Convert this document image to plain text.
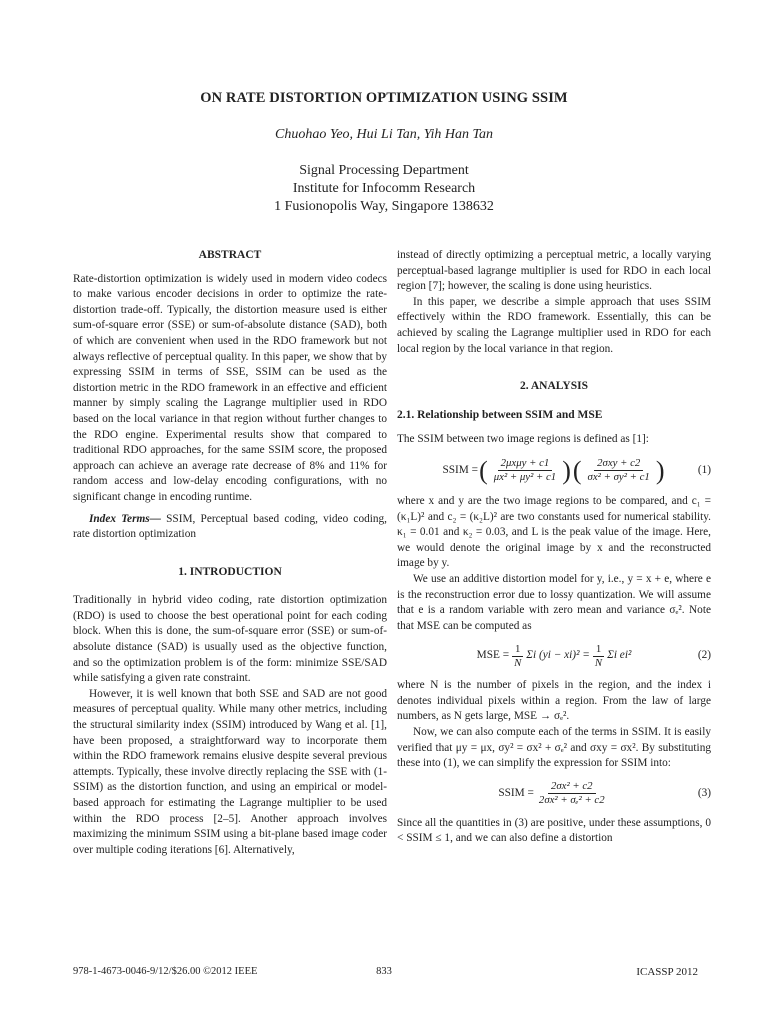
ON RATE DISTORTION OPTIMIZATION USING SSIM
Chuohao Yeo, Hui Li Tan, Yih Han Tan
Signal Processing Department
Institute for Infocomm Research
1 Fusionopolis Way, Singapore 138632
ABSTRACT

Rate-distortion optimization is widely used in modern video codecs to make various encoder decisions in order to optimize the rate-distortion trade-off. Typically, the distortion measure used is either sum-of-square error (SSE) or sum-of-absolute distance (SAD), both of which are convenient when used in the RDO framework but not always reflective of perceptual quality. In this paper, we show that by expressing SSIM in terms of SSE, SSIM can be used as the distortion metric in the RDO framework in an effective and efficient manner by simply scaling the Lagrange multiplier used in RDO based on the local variance in that region without further changes to the RDO engine. Experimental results show that compared to traditional RDO approaches, for the same SSIM score, the proposed approach can achieve an average rate decrease of 8% and 11% for random access and low-delay encoding configurations, with no significant change in encoding runtime.

Index Terms— SSIM, Perceptual based coding, video coding, rate distortion optimization

1. INTRODUCTION

Traditionally in hybrid video coding, rate distortion optimization (RDO) is used to choose the best operational point for each coding block. When this is done, the sum-of-square error (SSE) or sum-of-absolute distance (SAD) is usually used as the objective function, and so the optimization problem is of the form: minimize SSE/SAD while satisfying a given rate constraint.

However, it is well known that both SSE and SAD are not good measures of perceptual quality. While many other metrics, including the structural similarity index (SSIM) introduced by Wang et al. [1], have been proposed, a straightforward way to incorporate them within the RDO framework remains elusive despite several previous attempts. Typically, these involve directly replacing the SSE with (1-SSIM) as the distortion function, and using an empirical or model-based approach for estimating the Lagrange multiplier to be used within the RDO process [2–5]. Another approach involves maximizing the minimum SSIM using a bit-plane based image coder over multiple coding iterations [6]. Alternatively,

instead of directly optimizing a perceptual metric, a locally varying perceptual-based lagrange multiplier is used for RDO in each local region [7]; however, the scaling is done using heuristics.

In this paper, we describe a simple approach that uses SSIM effectively within the RDO framework. Essentially, this can be achieved by scaling the Lagrange multiplier used in RDO for each local region by the local variance in that region.

2. ANALYSIS
2.1. Relationship between SSIM and MSE

The SSIM between two image regions is defined as [1]:

SSIM = ( $\frac{\text{2μxμy + c1}}{\text{μx² + μy² + c1}}$ ) ( $\frac{\text{2σxy + c2}}{\text{σx² + σy² + c1}}$ )	(1)

where x and y are the two image regions to be compared, and c₁ = (κ₁L)² and c₂ = (κ₂L)² are two constants used for numerical stability. κ₁ = 0.01 and κ₂ = 0.03, and L is the peak value of the image. Here, we would denote the original image by x and the reconstructed image by y.

We use an additive distortion model for y, i.e., y = x + e, where e is the reconstruction error due to lossy quantization. We will assume that e is a random variable with zero mean and variance σₑ². Note that MSE can be computed as

MSE = $\frac{1}{N}$ Σi $(yi - xi)^2 = \frac{1}{N}$ Σi ei²	(2)

where N is the number of pixels in the region, and the index i denotes individual pixels within a region. From the law of large numbers, as N gets large, MSE → σₑ².

Now, we can also compute each of the terms in SSIM. It is easily verified that μy = μx, σy² = σx² + σₑ² and σxy = σx². By substituting these into (1), we can simplify the expression for SSIM into:

SSIM = $\frac{\text{2σx² + c2}}{\text{2σx² + σₑ² + c2}}$	(3)

Since all the quantities in (3) are positive, under these assumptions, 0 < SSIM ≤ 1, and we can also define a distortion

978-1-4673-0046-9/12/$26.00 ©2012 IEEE	833	ICASSP 2012
